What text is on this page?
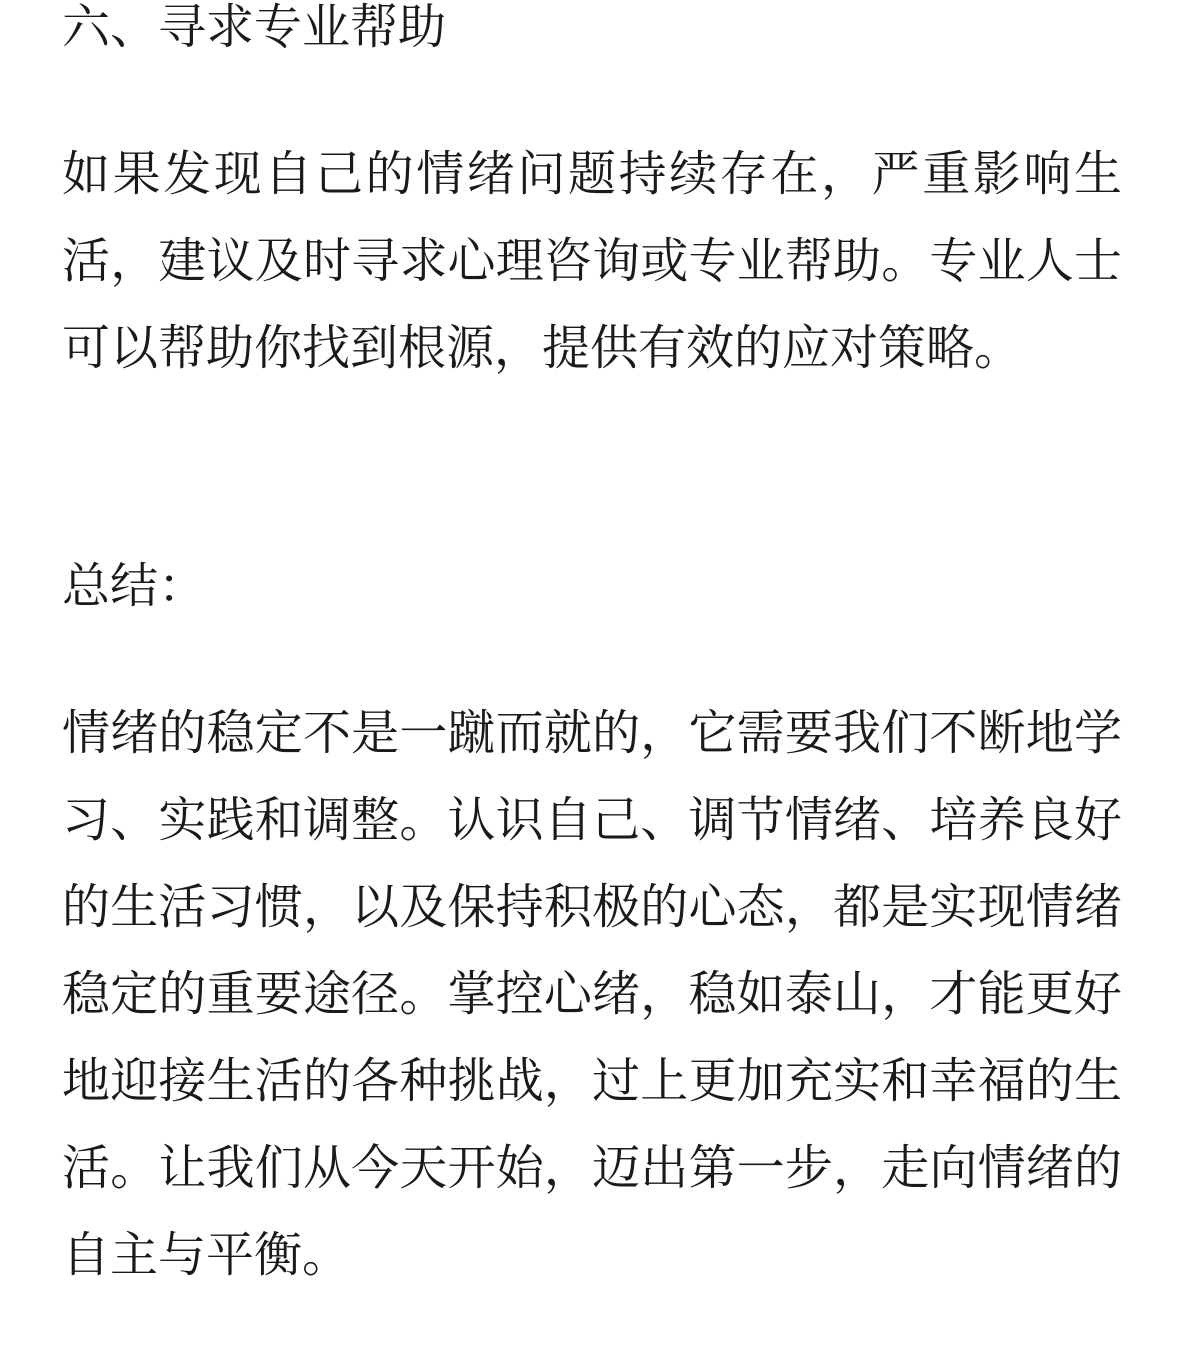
六、寻求专业帮助

如果发现自己的情绪问题持续存在，严重影响生活，建议及时寻求心理咨询或专业帮助。专业人士可以帮助你找到根源，提供有效的应对策略。

总结：

情绪的稳定不是一蹴而就的，它需要我们不断地学习、实践和调整。认识自己、调节情绪、培养良好的生活习惯，以及保持积极的心态，都是实现情绪稳定的重要途径。掌控心绪，稳如泰山，才能更好地迎接生活的各种挑战，过上更加充实和幸福的生活。让我们从今天开始，迈出第一步，走向情绪的自主与平衡。
